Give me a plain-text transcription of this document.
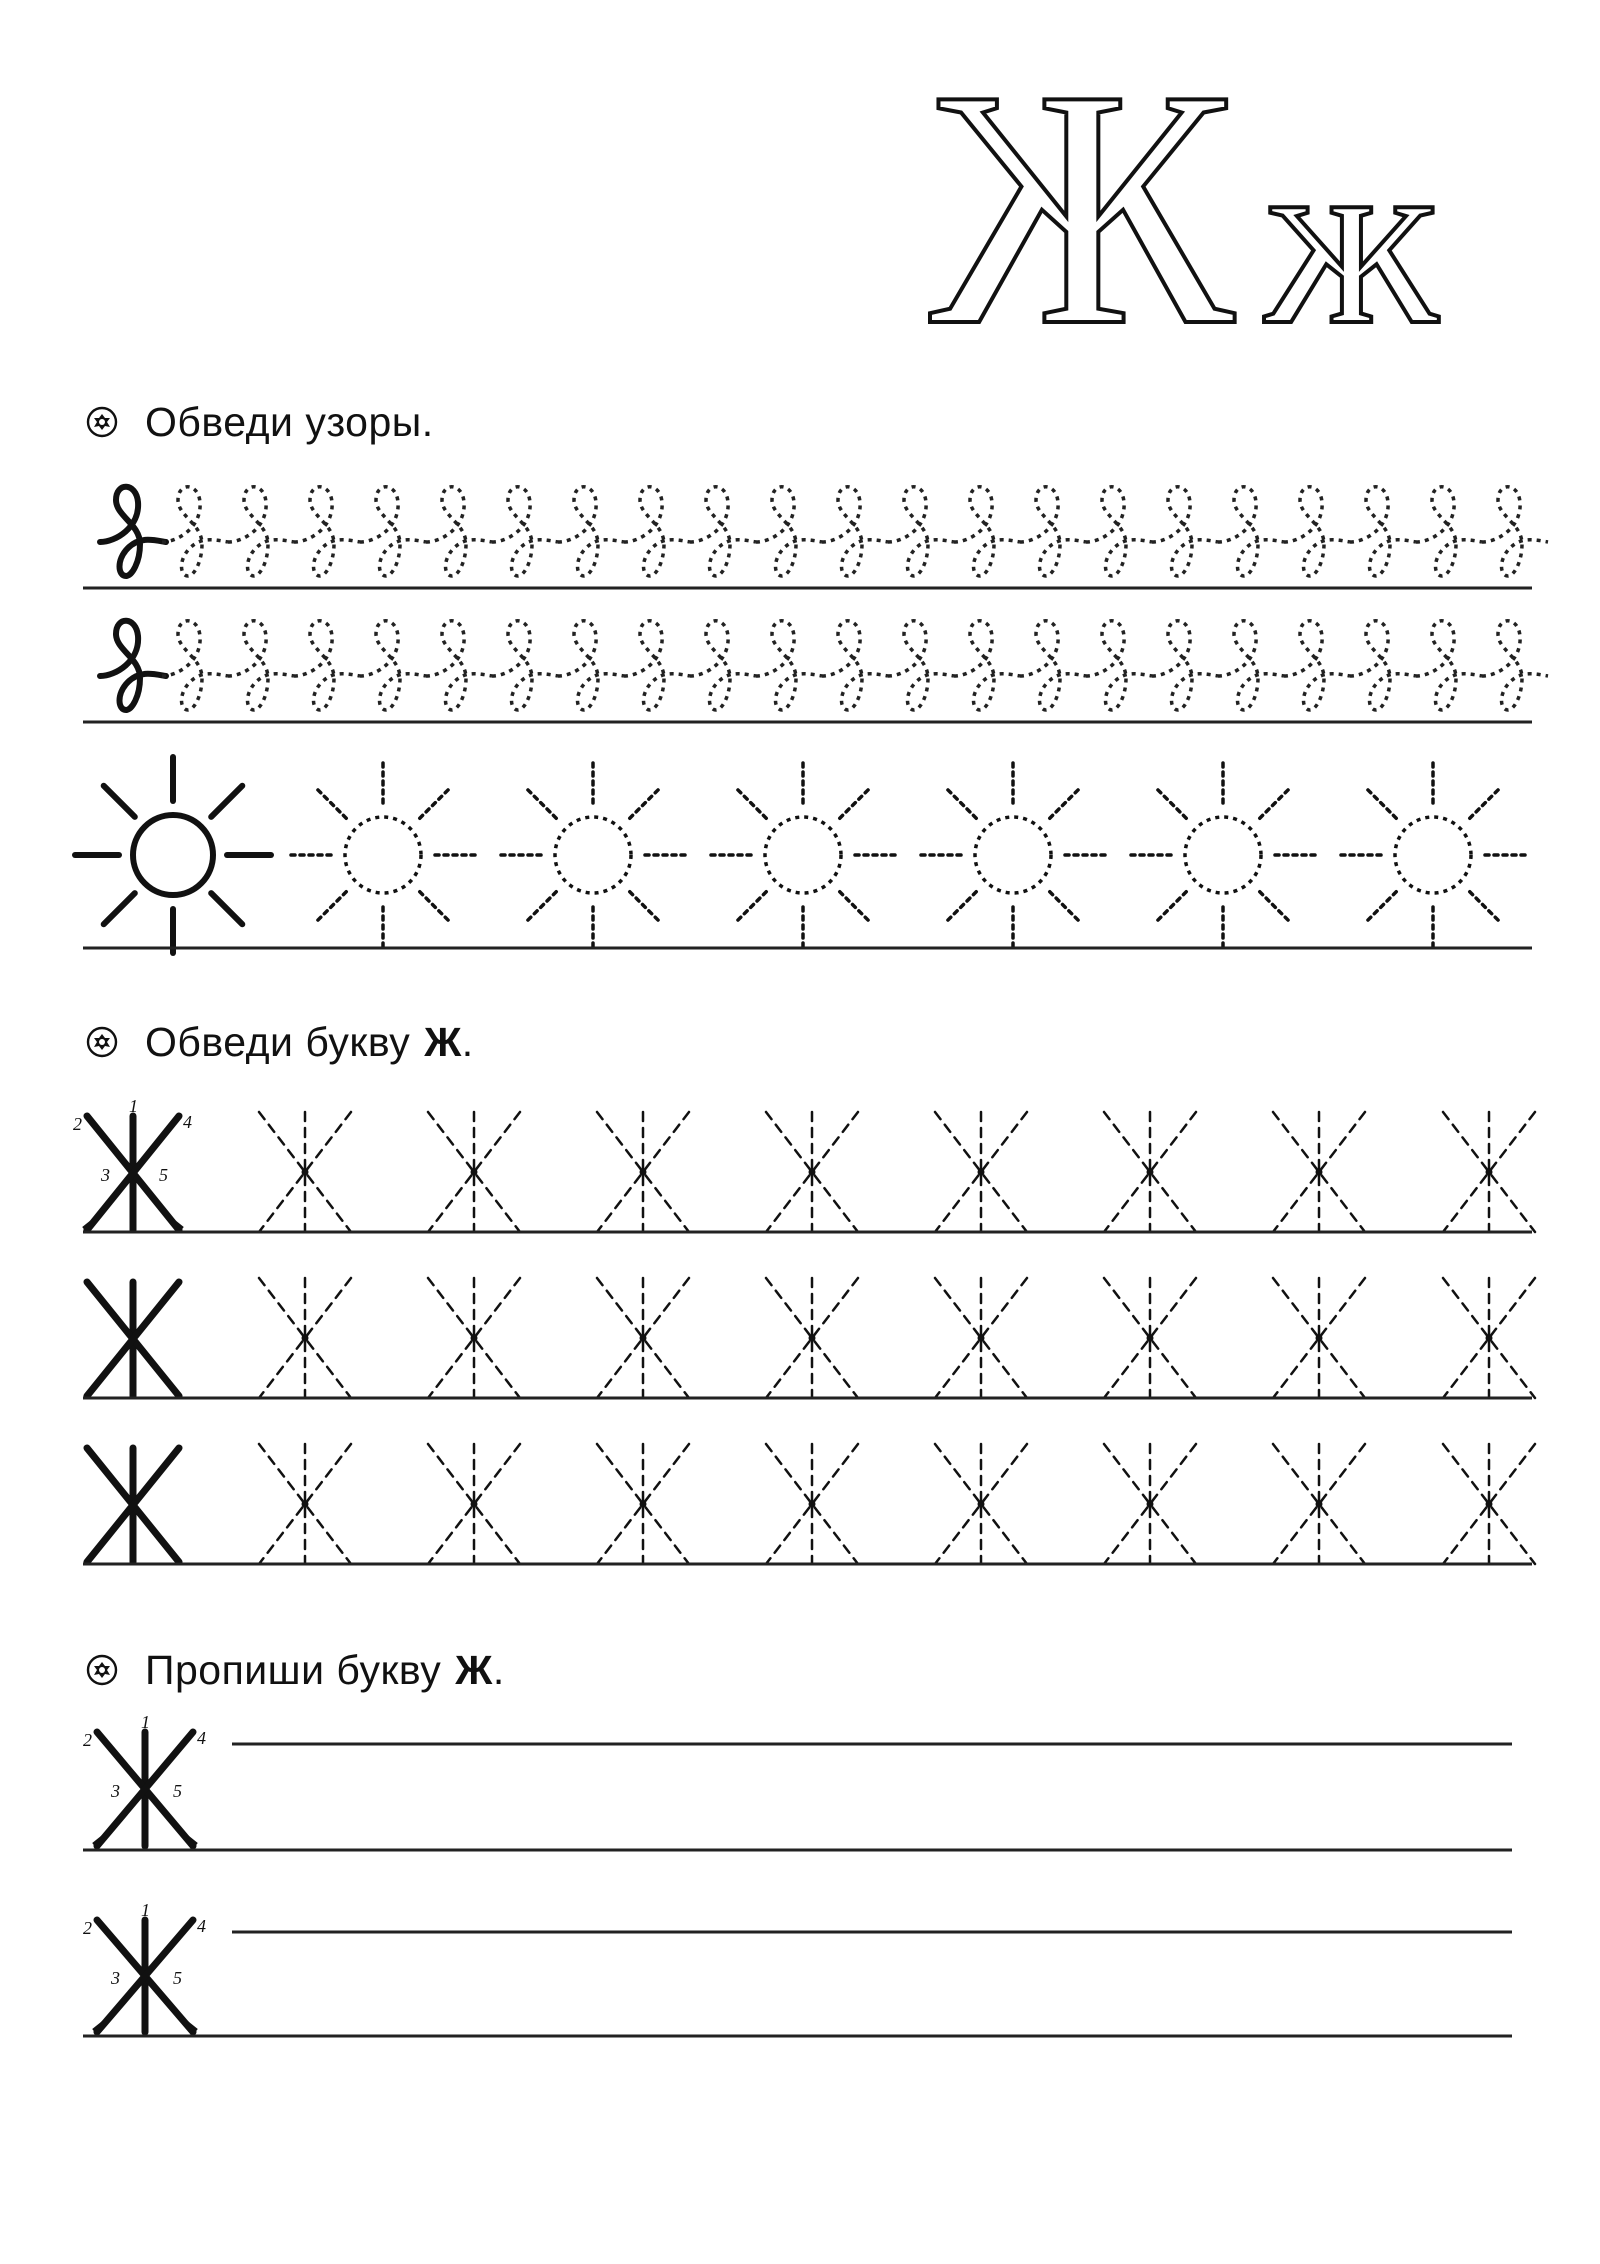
Ж ж
1
2
3
4
5
1
2
3
4
5
1
2
3
4
5
Обведи узоры.
Обведи букву Ж.
Пропиши букву Ж.
